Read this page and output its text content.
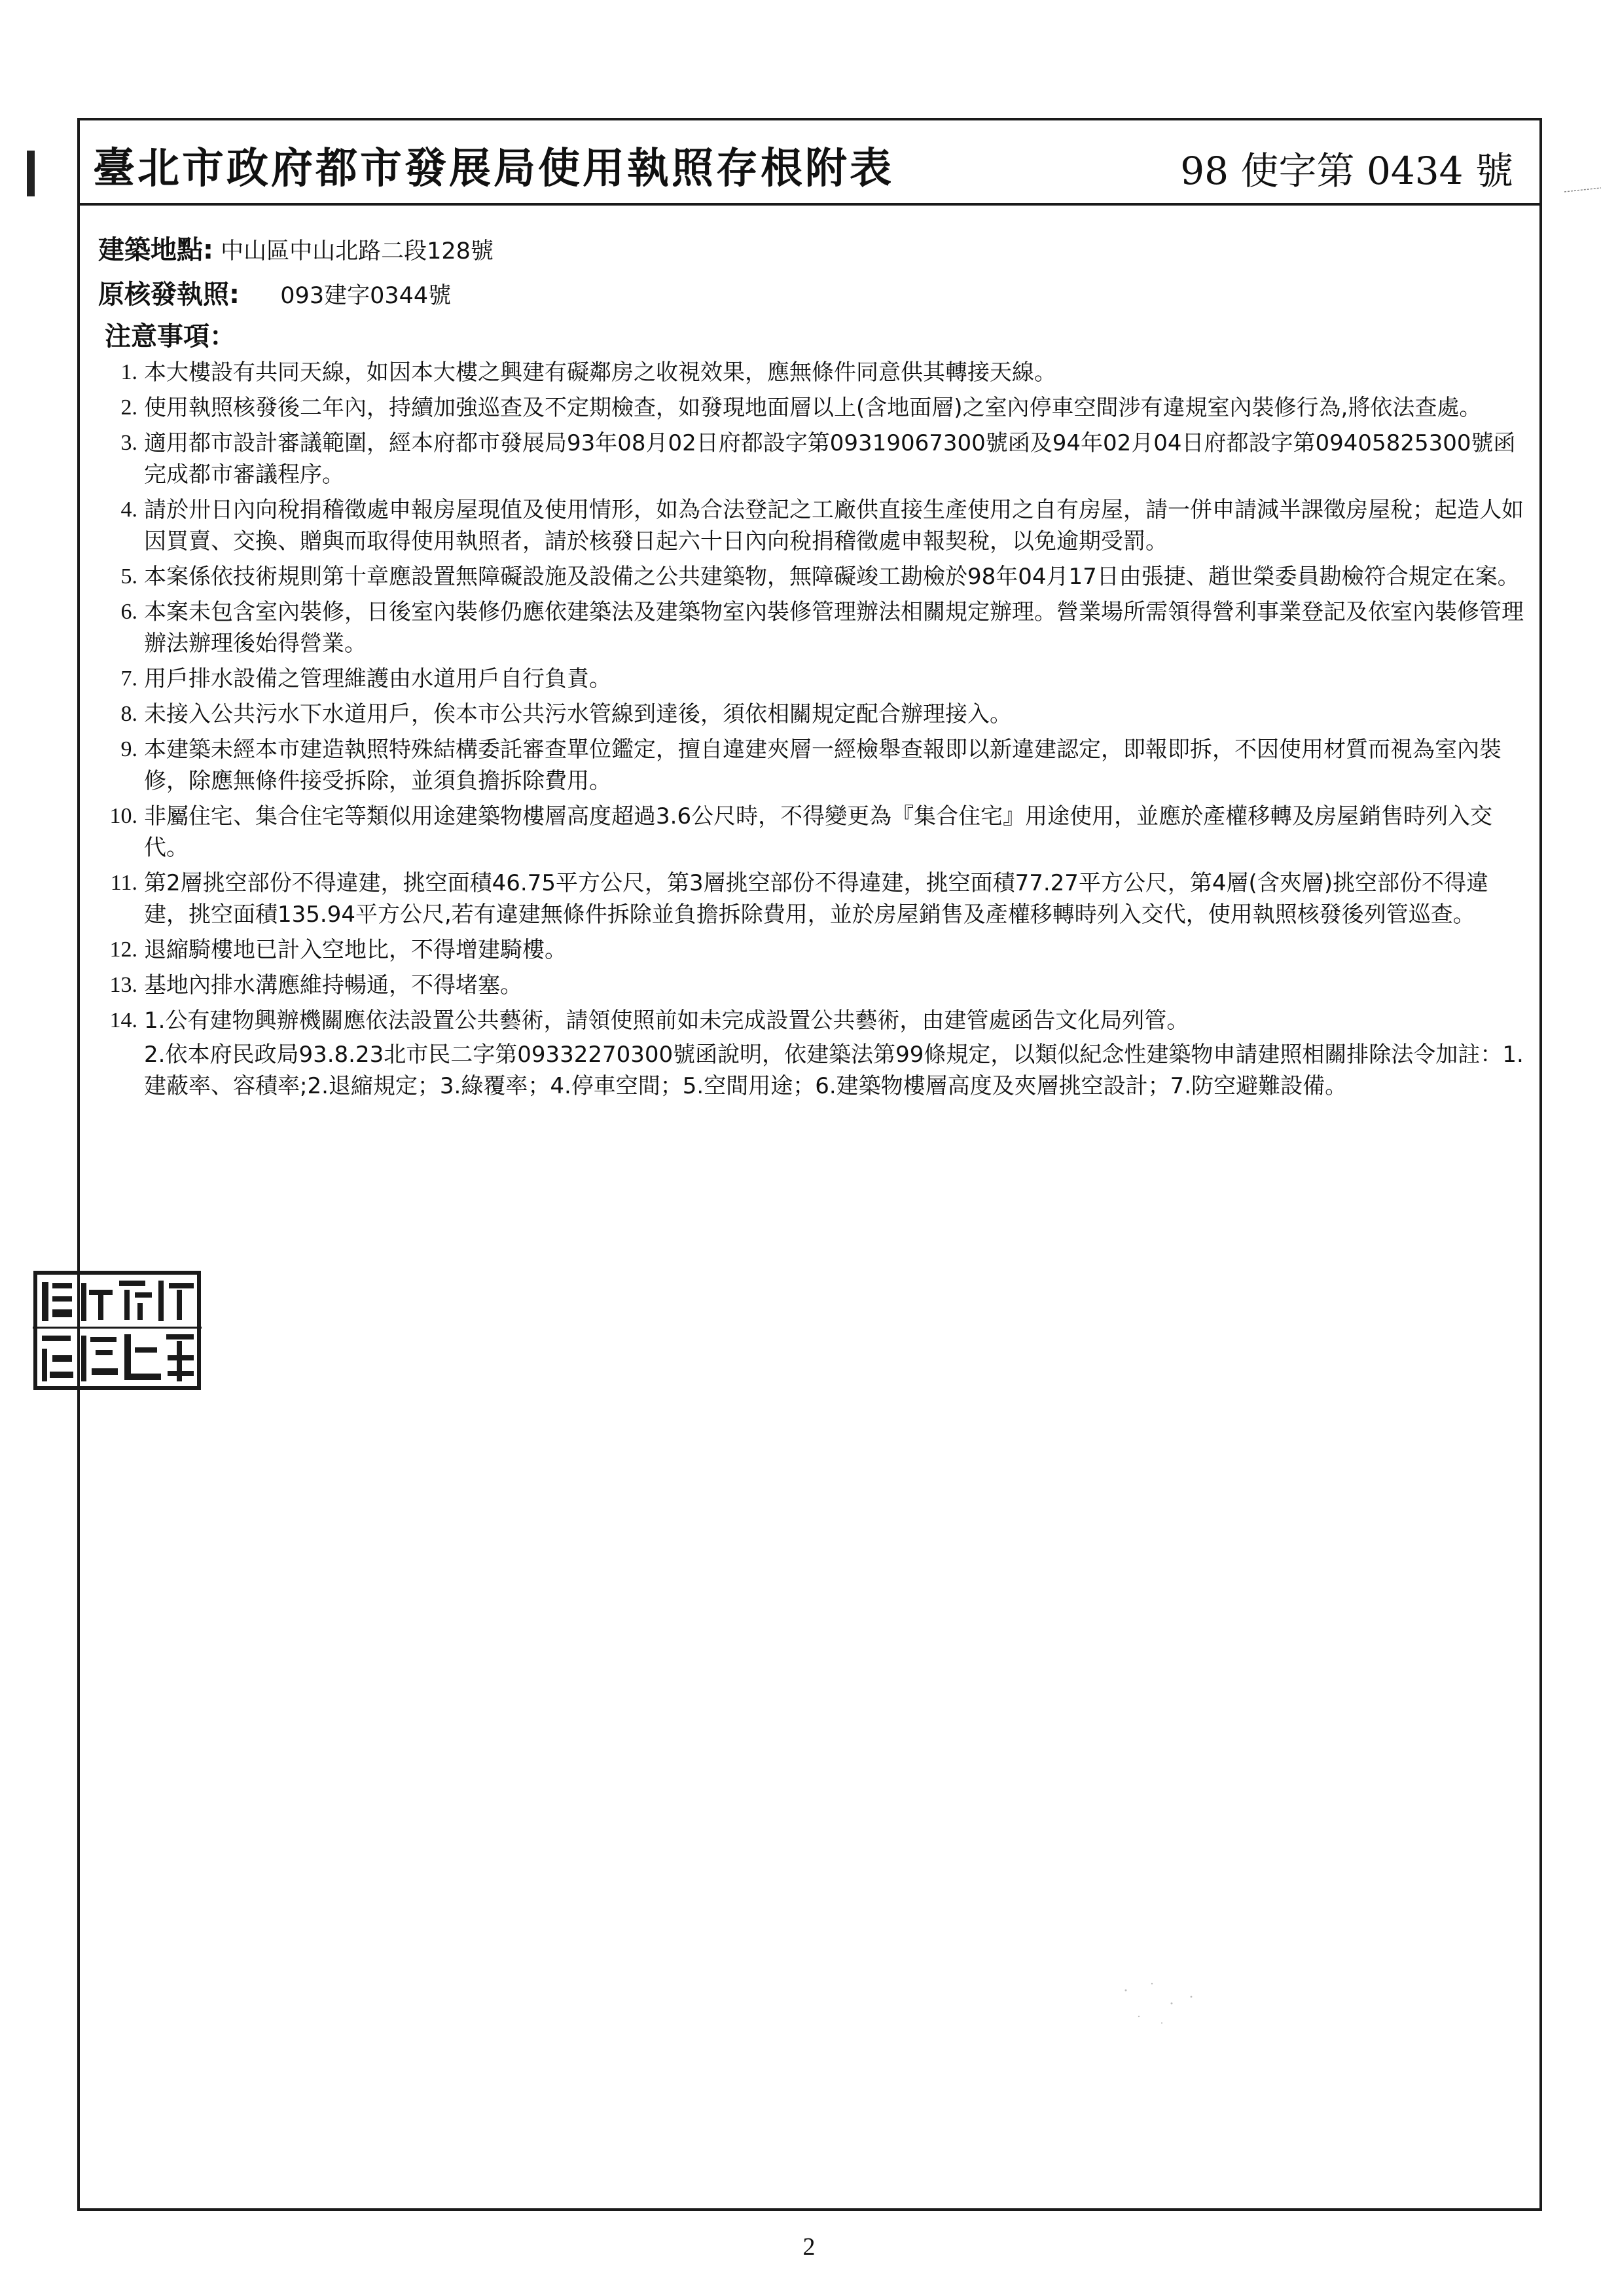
臺北市政府都市發展局使用執照存根附表	98 使字第 0434 號
建築地點: 中山區中山北路二段128號
原核發執照: 093建字0344號
注意事項：
1. 本大樓設有共同天線，如因本大樓之興建有礙鄰房之收視效果，應無條件同意供其轉接天線。

2. 使用執照核發後二年內，持續加強巡查及不定期檢查，如發現地面層以上(含地面層)之室內停車空間涉有違規室內裝修行為,將依法查處。

3. 適用都市設計審議範圍，經本府都市發展局93年08月02日府都設字第09319067300號函及94年02月04日府都設字第09405825300號函完成都市審議程序。

4. 請於卅日內向稅捐稽徵處申報房屋現值及使用情形，如為合法登記之工廠供直接生產使用之自有房屋，請一併申請減半課徵房屋稅；起造人如因買賣、交換、贈與而取得使用執照者，請於核發日起六十日內向稅捐稽徵處申報契稅，以免逾期受罰。

5. 本案係依技術規則第十章應設置無障礙設施及設備之公共建築物，無障礙竣工勘檢於98年04月17日由張捷、趙世榮委員勘檢符合規定在案。

6. 本案未包含室內裝修，日後室內裝修仍應依建築法及建築物室內裝修管理辦法相關規定辦理。營業場所需領得營利事業登記及依室內裝修管理辦法辦理後始得營業。

7. 用戶排水設備之管理維護由水道用戶自行負責。

8. 未接入公共污水下水道用戶，俟本市公共污水管線到達後，須依相關規定配合辦理接入。

9. 本建築未經本市建造執照特殊結構委託審查單位鑑定，擅自違建夾層一經檢舉查報即以新違建認定，即報即拆，不因使用材質而視為室內裝修，除應無條件接受拆除，並須負擔拆除費用。

10. 非屬住宅、集合住宅等類似用途建築物樓層高度超過3.6公尺時，不得變更為『集合住宅』用途使用，並應於產權移轉及房屋銷售時列入交代。

11. 第2層挑空部份不得違建，挑空面積46.75平方公尺，第3層挑空部份不得違建，挑空面積77.27平方公尺，第4層(含夾層)挑空部份不得違建，挑空面積135.94平方公尺,若有違建無條件拆除並負擔拆除費用，並於房屋銷售及產權移轉時列入交代，使用執照核發後列管巡查。

12. 退縮騎樓地已計入空地比，不得增建騎樓。

13. 基地內排水溝應維持暢通，不得堵塞。

14. 1.公有建物興辦機關應依法設置公共藝術，請領使照前如未完成設置公共藝術，由建管處函告文化局列管。

2.依本府民政局93.8.23北市民二字第09332270300號函說明，依建築法第99條規定，以類似紀念性建築物申請建照相關排除法令加註：1.建蔽率、容積率;2.退縮規定；3.綠覆率；4.停車空間；5.空間用途；6.建築物樓層高度及夾層挑空設計；7.防空避難設備。

2
